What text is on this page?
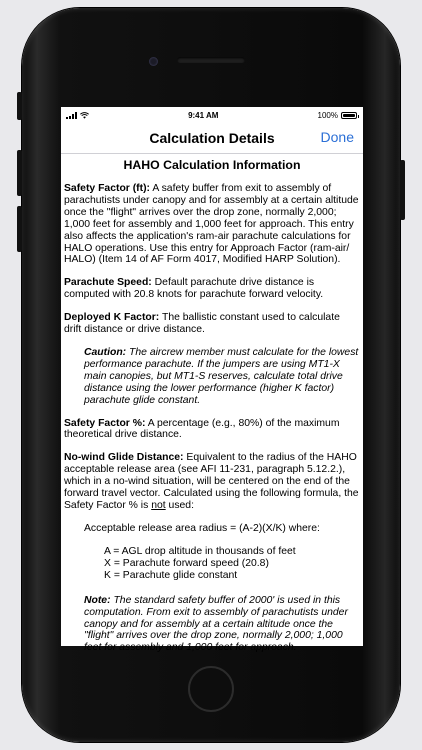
9:41 AM	100%
Calculation Details	Done
HAHO Calculation Information

Safety Factor (ft): A safety buffer from exit to assembly of parachutists under canopy and for assembly at a certain altitude once the "flight" arrives over the drop zone, normally 2,000; 1,000 feet for assembly and 1,000 feet for approach. This entry also affects the application's ram-air parachute calculations for HALO operations. Use this entry for Approach Factor (ram-air/ HALO) (Item 14 of AF Form 4017, Modified HARP Solution).

Parachute Speed: Default parachute drive distance is computed with 20.8 knots for parachute forward velocity.

Deployed K Factor: The ballistic constant used to calculate drift distance or drive distance.

Caution: The aircrew member must calculate for the lowest performance parachute. If the jumpers are using MT1-X main canopies, but MT1-S reserves, calculate total drive distance using the lower performance (higher K factor) parachute glide constant.

Safety Factor %: A percentage (e.g., 80%) of the maximum theoretical drive distance.

No-wind Glide Distance: Equivalent to the radius of the HAHO acceptable release area (see AFI 11-231, paragraph 5.12.2.), which in a no-wind situation, will be centered on the end of the forward travel vector. Calculated using the following formula, the Safety Factor % is not used:

Acceptable release area radius = (A-2)(X/K) where:

A = AGL drop altitude in thousands of feet
X = Parachute forward speed (20.8)
K = Parachute glide constant

Note: The standard safety buffer of 2000' is used in this computation. From exit to assembly of parachutists under canopy and for assembly at a certain altitude once the "flight" arrives over the drop zone, normally 2,000; 1,000 feet for assembly and 1,000 feet for approach.
